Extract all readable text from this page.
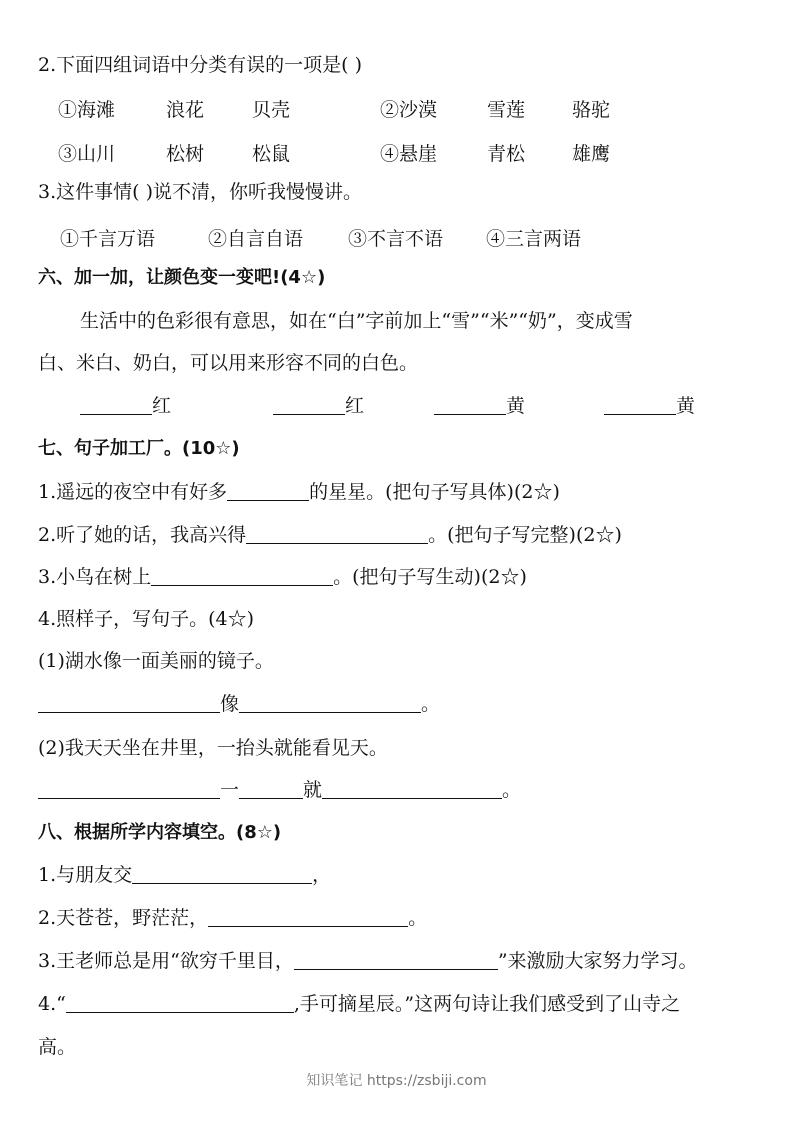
2.下面四组词语中分类有误的一项是( )
①海滩	浪花	贝壳	②沙漠	雪莲 骆驼
③山川	松树	松鼠	④悬崖	青松 雄鹰
3.这件事情( )说不清，你听我慢慢讲。
①千言万语	②自言自语 ③不言不语 ④三言两语
六、加一加，让颜色变一变吧!(4☆)
生活中的色彩很有意思，如在“白”字前加上“雪”“米”“奶”，变成雪
白、米白、奶白，可以用来形容不同的白色。
红	红	黄	黄
七、句子加工厂。(10☆)
1.遥远的夜空中有好多	的星星。(把句子写具体)(2☆)
2.听了她的话，我高兴得	。(把句子写完整)(2☆)
3.小鸟在树上	。(把句子写生动)(2☆)
4.照样子，写句子。(4☆)
(1)湖水像一面美丽的镜子。
像	。
(2)我天天坐在井里，一抬头就能看见天。
一	就	。
八、根据所学内容填空。(8☆)
1.与朋友交	，
2.天苍苍，野茫茫，	。
3.王老师总是用“欲穷千里目，	”来激励大家努力学习。
4.“	,手可摘星辰。”这两句诗让我们感受到了山寺之
高。
知识笔记 https://zsbiji.com
